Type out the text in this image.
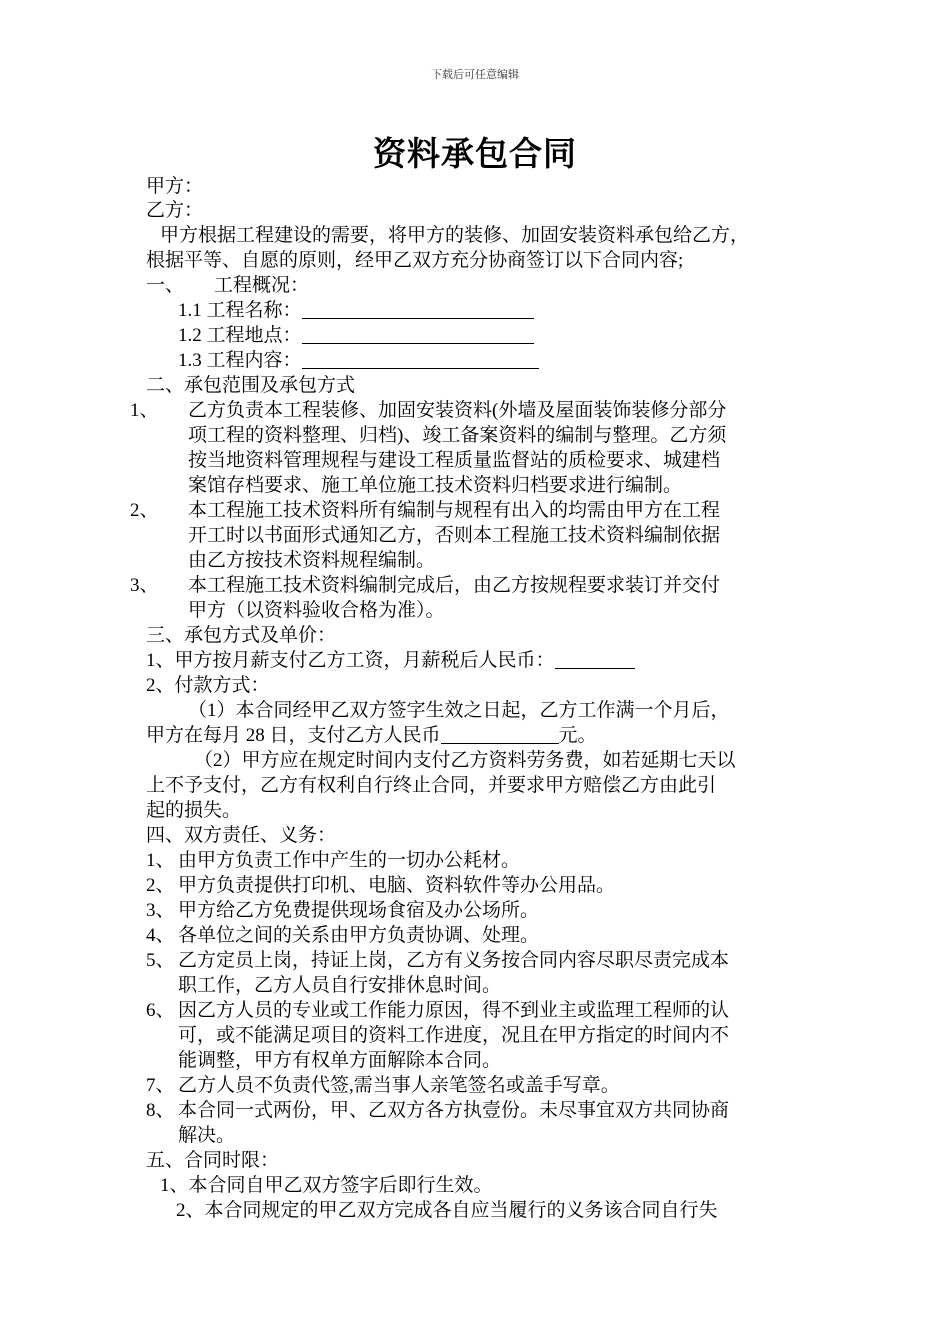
下载后可任意编辑
资料承包合同
甲方：
乙方：
甲方根据工程建设的需要，将甲方的装修、加固安装资料承包给乙方，
根据平等、自愿的原则，经甲乙双方充分协商签订以下合同内容;
一、 工程概况：
1.1 工程名称：
1.2 工程地点：
1.3 工程内容：
二、承包范围及承包方式
1、 乙方负责本工程装修、加固安装资料(外墙及屋面装饰装修分部分
项工程的资料整理、归档)、竣工备案资料的编制与整理。乙方须
按当地资料管理规程与建设工程质量监督站的质检要求、城建档
案馆存档要求、施工单位施工技术资料归档要求进行编制。
2、 本工程施工技术资料所有编制与规程有出入的均需由甲方在工程
开工时以书面形式通知乙方，否则本工程施工技术资料编制依据
由乙方按技术资料规程编制。
3、 本工程施工技术资料编制完成后，由乙方按规程要求装订并交付
甲方（以资料验收合格为准）。
三、承包方式及单价：
1、甲方按月薪支付乙方工资，月薪税后人民币：
2、付款方式：
（1）本合同经甲乙双方签字生效之日起，乙方工作满一个月后，
甲方在每月 28 日，支付乙方人民币	元。
（2）甲方应在规定时间内支付乙方资料劳务费，如若延期七天以
上不予支付，乙方有权利自行终止合同，并要求甲方赔偿乙方由此引
起的损失。
四、双方责任、义务：
1、 由甲方负责工作中产生的一切办公耗材。
2、 甲方负责提供打印机、电脑、资料软件等办公用品。
3、 甲方给乙方免费提供现场食宿及办公场所。
4、 各单位之间的关系由甲方负责协调、处理。
5、 乙方定员上岗，持证上岗，乙方有义务按合同内容尽职尽责完成本
职工作，乙方人员自行安排休息时间。
6、 因乙方人员的专业或工作能力原因，得不到业主或监理工程师的认
可，或不能满足项目的资料工作进度，况且在甲方指定的时间内不
能调整，甲方有权单方面解除本合同。
7、 乙方人员不负责代签,需当事人亲笔签名或盖手写章。
8、 本合同一式两份，甲、乙双方各方执壹份。未尽事宜双方共同协商
解决。
五、合同时限：
1、本合同自甲乙双方签字后即行生效。
2、本合同规定的甲乙双方完成各自应当履行的义务该合同自行失
